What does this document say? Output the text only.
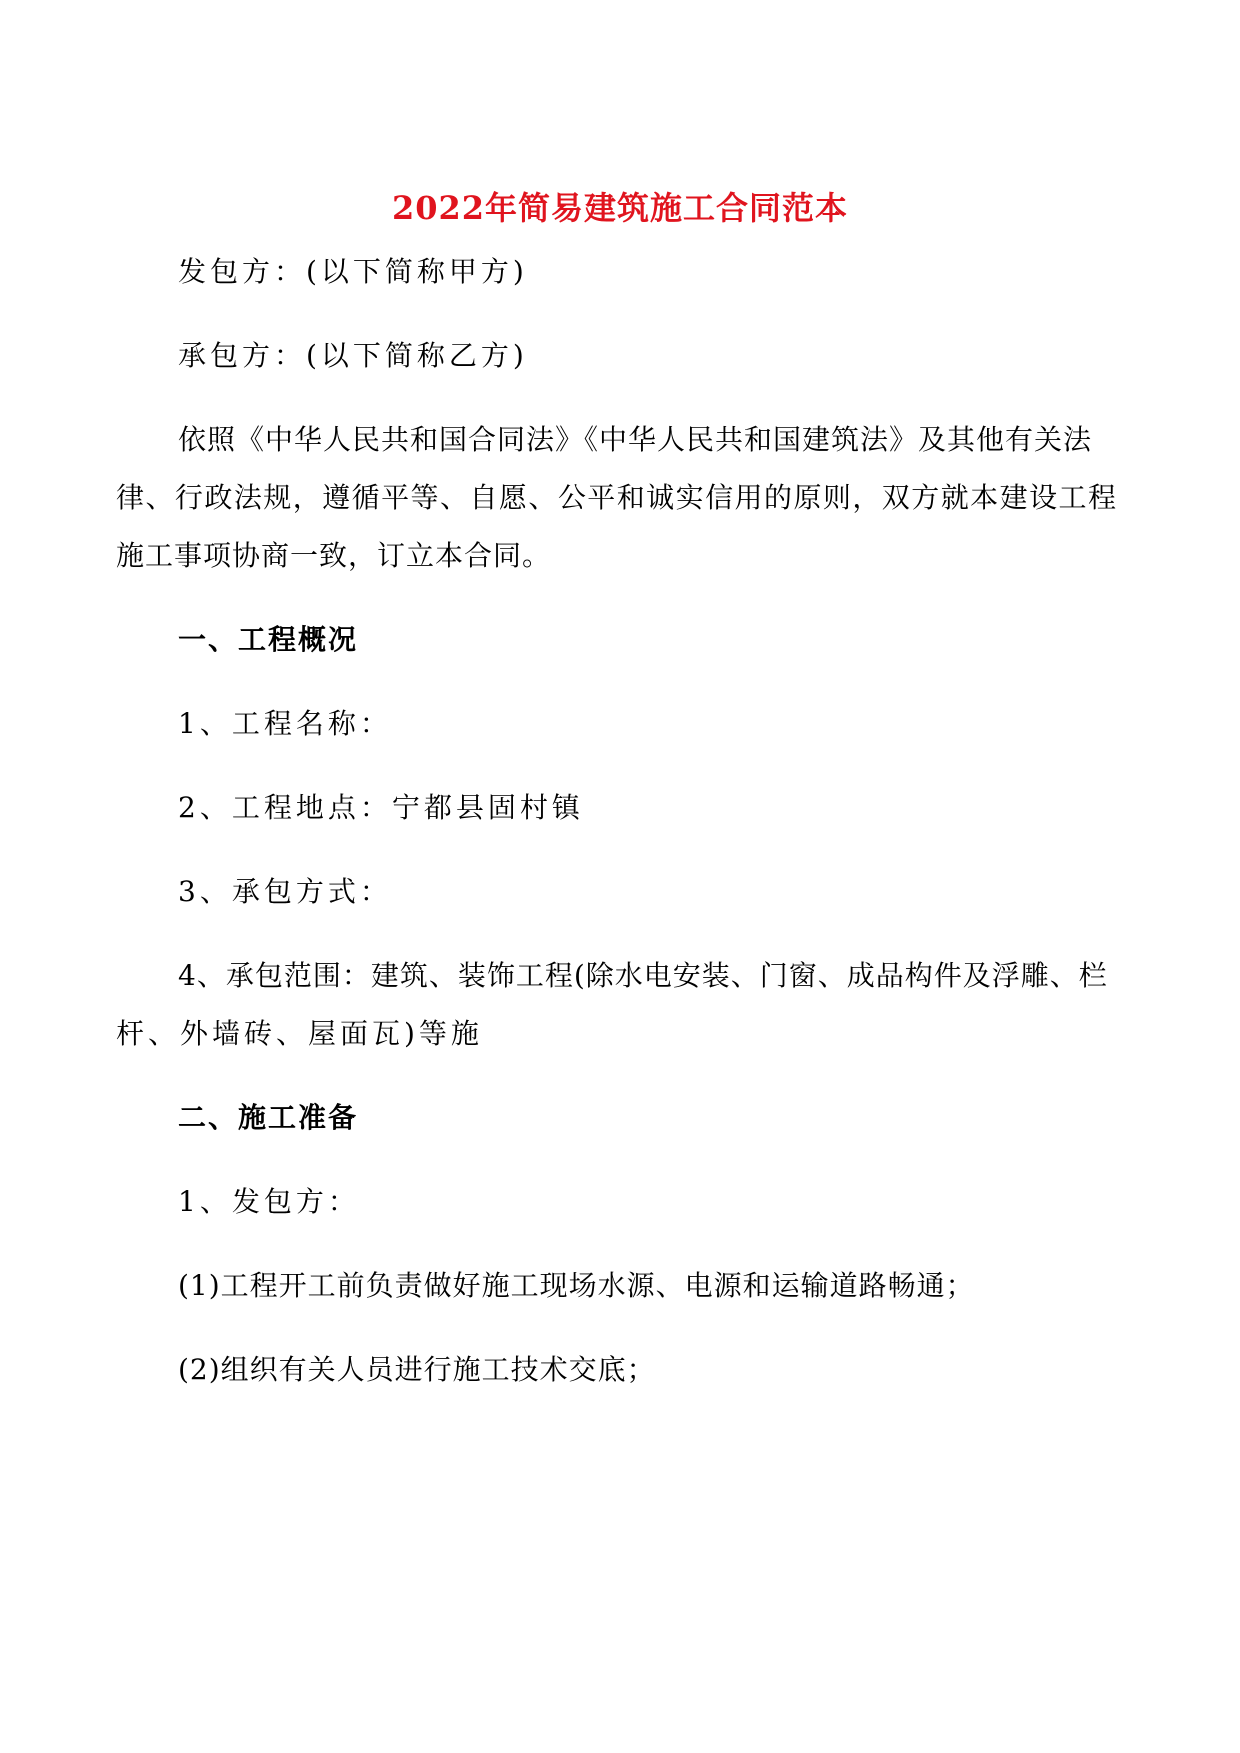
2022年简易建筑施工合同范本
发包方：(以下简称甲方)
承包方：(以下简称乙方)
依照《中华人民共和国合同法》《中华人民共和国建筑法》及其他有关法
律、行政法规，遵循平等、自愿、公平和诚实信用的原则，双方就本建设工程
施工事项协商一致，订立本合同。
一、工程概况
1、工程名称：
2、工程地点：宁都县固村镇
3、承包方式：
4、承包范围：建筑、装饰工程(除水电安装、门窗、成品构件及浮雕、栏
杆、外墙砖、屋面瓦)等施
二、施工准备
1、发包方：
(1)工程开工前负责做好施工现场水源、电源和运输道路畅通；
(2)组织有关人员进行施工技术交底；
